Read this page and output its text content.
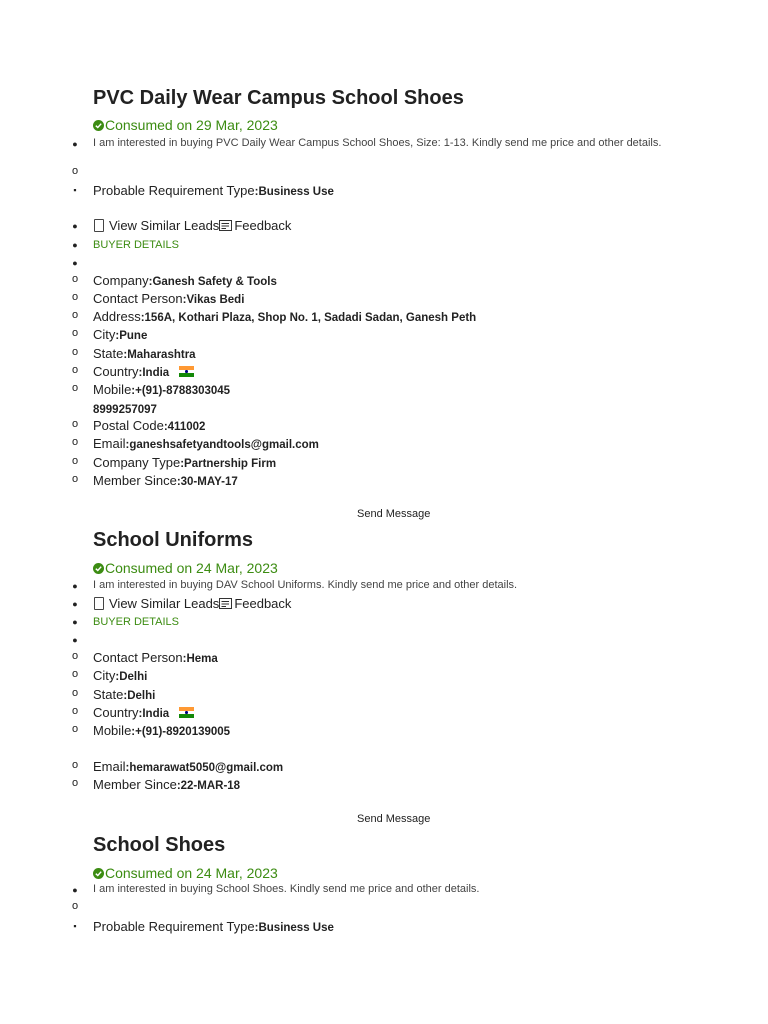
PVC Daily Wear Campus School Shoes
Consumed on 29 Mar, 2023
● I am interested in buying PVC Daily Wear Campus School Shoes, Size: 1-13. Kindly send me price and other details.
o
▪ Probable Requirement Type:Business Use
● View Similar Leads Feedback
● BUYER DETAILS
●
o Company:Ganesh Safety & Tools
o Contact Person:Vikas Bedi
o Address:156A, Kothari Plaza, Shop No. 1, Sadadi Sadan, Ganesh Peth
o City:Pune
o State:Maharashtra
o Country:India
o Mobile:+(91)-8788303045
8999257097
o Postal Code:411002
o Email:ganeshsafetyandtools@gmail.com
o Company Type:Partnership Firm
o Member Since:30-MAY-17
Send Message
School Uniforms
Consumed on 24 Mar, 2023
● I am interested in buying DAV School Uniforms. Kindly send me price and other details.
● View Similar Leads Feedback
● BUYER DETAILS
●
o Contact Person:Hema
o City:Delhi
o State:Delhi
o Country:India
o Mobile:+(91)-8920139005
o Email:hemarawat5050@gmail.com
o Member Since:22-MAR-18
Send Message
School Shoes
Consumed on 24 Mar, 2023
● I am interested in buying School Shoes. Kindly send me price and other details.
o
▪ Probable Requirement Type:Business Use
